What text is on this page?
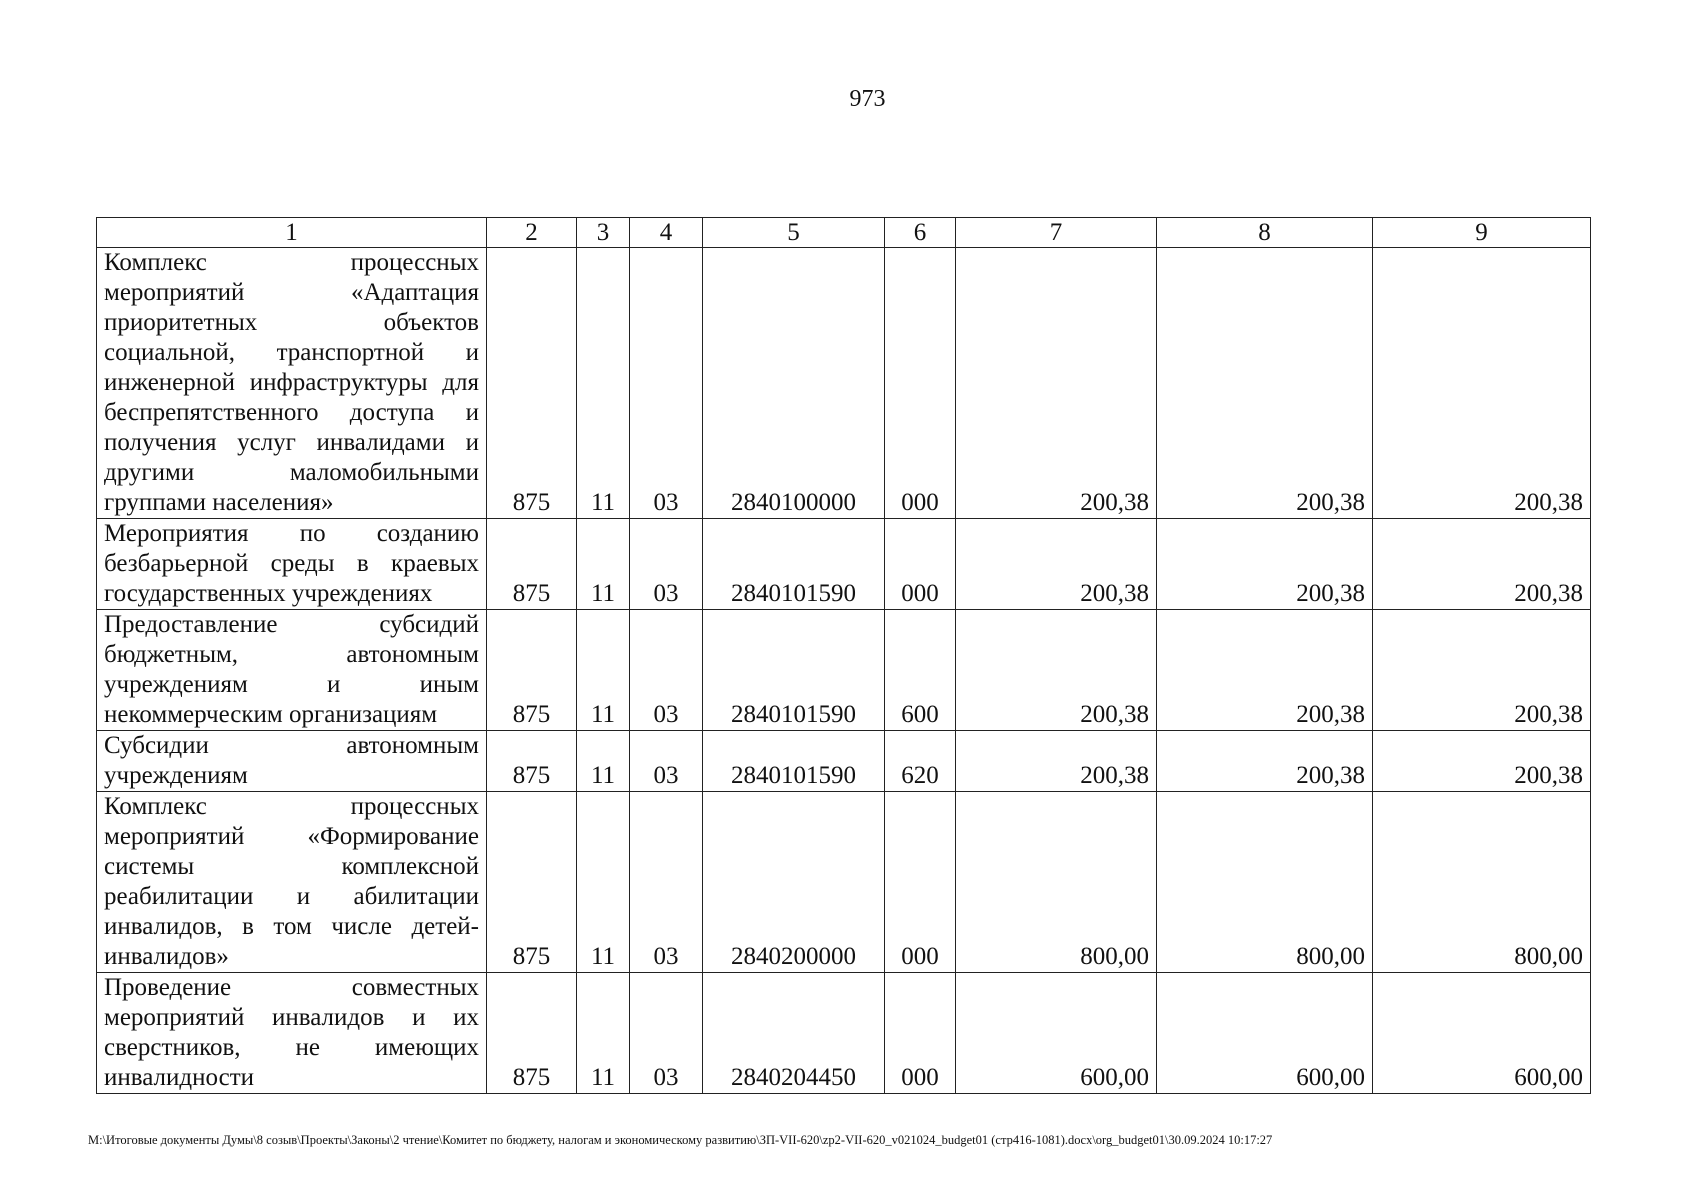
973
1	2	3	4	5	6	7	8	9
Комплекс процессных мероприятий «Адаптация приоритетных объектов социальной, транспортной и инженерной инфраструктуры для беспрепятственного доступа и получения услуг инвалидами и другими маломобильными группами населения»	875	11	03	2840100000	000	200,38	200,38	200,38
Мероприятия по созданию безбарьерной среды в краевых государственных учреждениях	875	11	03	2840101590	000	200,38	200,38	200,38
Предоставление субсидий бюджетным, автономным учреждениям и иным некоммерческим организациям	875	11	03	2840101590	600	200,38	200,38	200,38
Субсидии автономным учреждениям	875	11	03	2840101590	620	200,38	200,38	200,38
Комплекс процессных мероприятий «Формирование системы комплексной реабилитации и абилитации инвалидов, в том числе детей-инвалидов»	875	11	03	2840200000	000	800,00	800,00	800,00
Проведение совместных мероприятий инвалидов и их сверстников, не имеющих инвалидности	875	11	03	2840204450	000	600,00	600,00	600,00
M:\Итоговые документы Думы\8 созыв\Проекты\Законы\2 чтение\Комитет по бюджету, налогам и экономическому развитию\ЗП-VII-620\zp2-VII-620_v021024_budget01 (стр416-1081).docx\org_budget01\30.09.2024 10:17:27
